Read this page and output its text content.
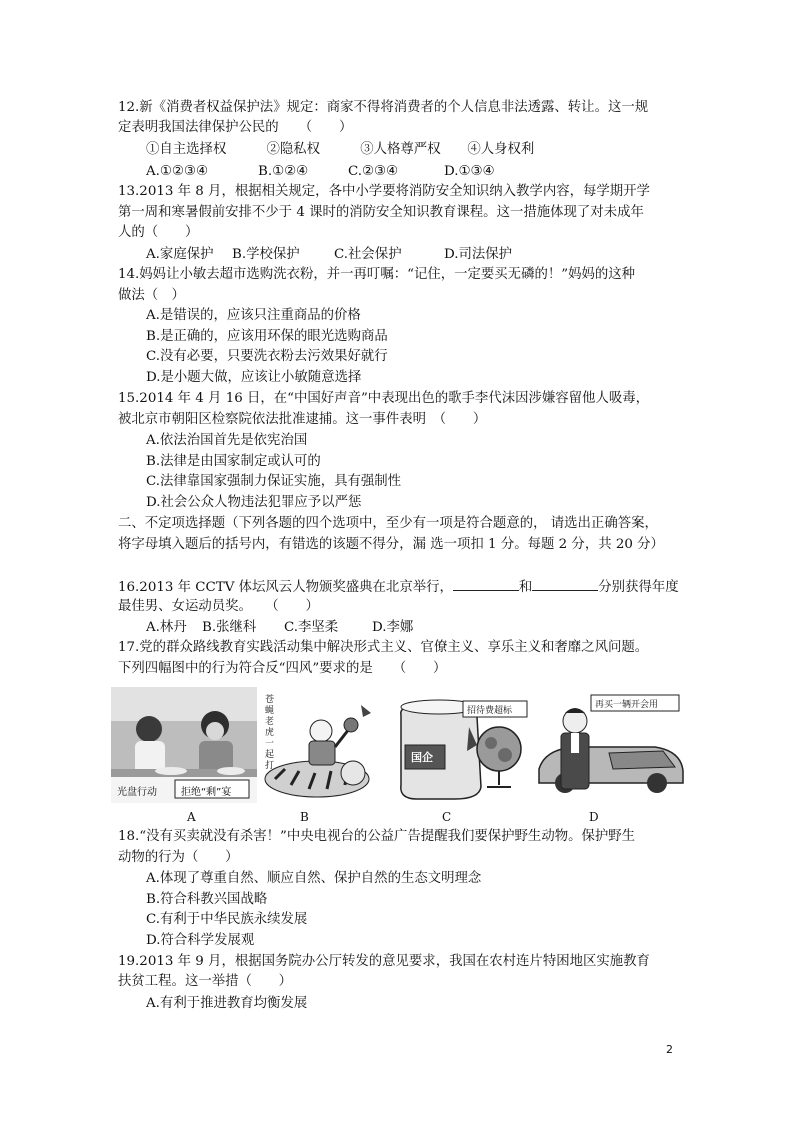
12.新《消费者权益保护法》规定：商家不得将消费者的个人信息非法透露、转让。这一规
定表明我国法律保护公民的　　（　　）
①自主选择权　　　②隐私权　　　③人格尊严权　　④人身权利
A.①②③④	B.①②④	C.②③④	D.①③④
13.2013 年 8 月，根据相关规定，各中小学要将消防安全知识纳入教学内容，每学期开学
第一周和寒暑假前安排不少于 4 课时的消防安全知识教育课程。这一措施体现了对未成年
人的（　　）
A.家庭保护 B.学校保护	C.社会保护	D.司法保护
14.妈妈让小敏去超市选购洗衣粉，并一再叮嘱：“记住，一定要买无磷的！”妈妈的这种
做法（　）
A.是错误的，应该只注重商品的价格
B.是正确的，应该用环保的眼光选购商品
C.没有必要，只要洗衣粉去污效果好就行
D.是小题大做，应该让小敏随意选择
15.2014 年 4 月 16 日，在“中国好声音”中表现出色的歌手李代沫因涉嫌容留他人吸毒，
被北京市朝阳区检察院依法批准逮捕。这一事件表明　（　　）
A.依法治国首先是依宪治国
B.法律是由国家制定或认可的
C.法律靠国家强制力保证实施，具有强制性
D.社会公众人物违法犯罪应予以严惩
二、不定项选择题（下列各题的四个选项中，至少有一项是符合题意的， 请选出正确答案，
将字母填入题后的括号内，有错选的该题不得分，漏 选一项扣 1 分。每题 2 分，共 20 分）
16.2013 年 CCTV 体坛风云人物颁奖盛典在北京举行，	和	分别获得年度
最佳男、女运动员奖。　　（　　）
A.林丹 B.张继科 C.李坚柔	D.李娜
17.党的群众路线教育实践活动集中解决形式主义、官僚主义、享乐主义和奢靡之风问题。
下列四幅图中的行为符合反“四风”要求的是　　（　　）
光盘行动 拒绝“剩”宴
苍蝇老虎一起打
国企
招待费超标
再买一辆开会用
A	B	C	D
18.“没有买卖就没有杀害！”中央电视台的公益广告提醒我们要保护野生动物。保护野生
动物的行为（　　）
A.体现了尊重自然、顺应自然、保护自然的生态文明理念
B.符合科教兴国战略
C.有利于中华民族永续发展
D.符合科学发展观
19.2013 年 9 月，根据国务院办公厅转发的意见要求，我国在农村连片特困地区实施教育
扶贫工程。这一举措（　　）
A.有利于推进教育均衡发展
2
